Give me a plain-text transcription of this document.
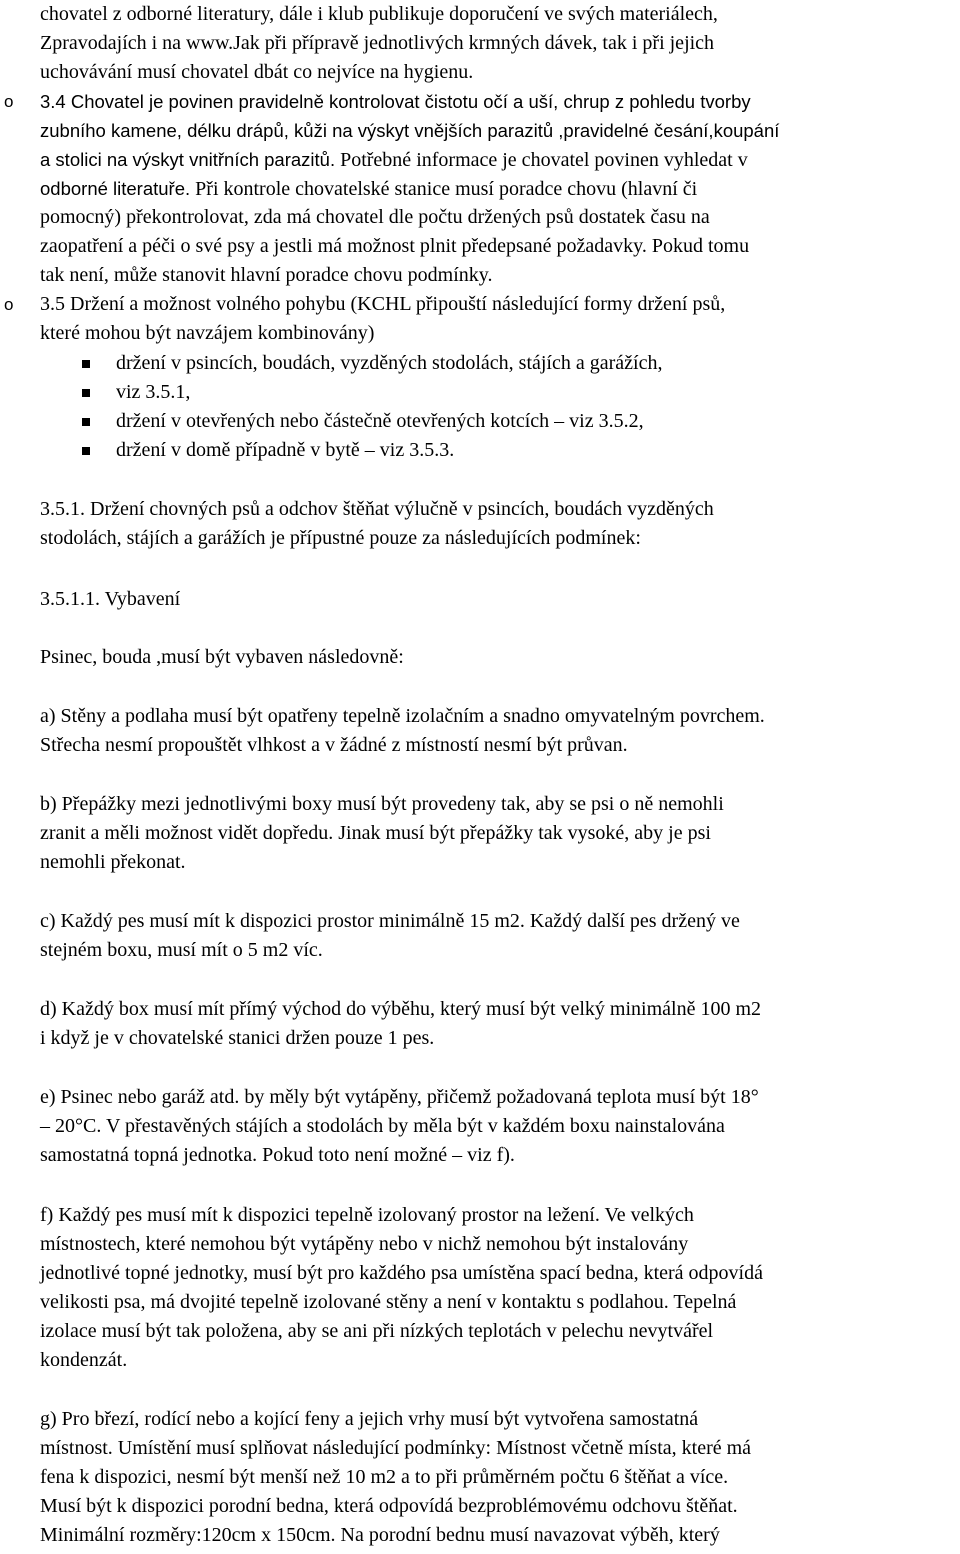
chovatel z odborné literatury, dále i klub publikuje doporučení ve svých materiálech,
Zpravodajích i na www.Jak při přípravě jednotlivých krmných dávek, tak i při jejich
uchovávání musí chovatel dbát co nejvíce na hygienu.
o 3.4 Chovatel je povinen pravidelně kontrolovat čistotu očí a uší, chrup z pohledu tvorby
zubního kamene, délku drápů, kůži na výskyt vnějších parazitů ,pravidelné česání,koupání
a stolici na výskyt vnitřních parazitů. Potřebné informace je chovatel povinen vyhledat v
odborné literatuře. Při kontrole chovatelské stanice musí poradce chovu (hlavní či
pomocný) překontrolovat, zda má chovatel dle počtu držených psů dostatek času na
zaopatření a péči o své psy a jestli má možnost plnit předepsané požadavky. Pokud tomu
tak není, může stanovit hlavní poradce chovu podmínky.
o 3.5 Držení a možnost volného pohybu (KCHL připouští následující formy držení psů,
které mohou být navzájem kombinovány)
držení v psincích, boudách, vyzděných stodolách, stájích a garážích,
viz 3.5.1,
držení v otevřených nebo částečně otevřených kotcích – viz 3.5.2,
držení v domě případně v bytě – viz 3.5.3.
3.5.1. Držení chovných psů a odchov štěňat výlučně v psincích, boudách vyzděných
stodolách, stájích a garážích je přípustné pouze za následujících podmínek:
3.5.1.1. Vybavení
Psinec, bouda ,musí být vybaven následovně:
a) Stěny a podlaha musí být opatřeny tepelně izolačním a snadno omyvatelným povrchem.
Střecha nesmí propouštět vlhkost a v žádné z místností nesmí být průvan.
b) Přepážky mezi jednotlivými boxy musí být provedeny tak, aby se psi o ně nemohli
zranit a měli možnost vidět dopředu. Jinak musí být přepážky tak vysoké, aby je psi
nemohli překonat.
c) Každý pes musí mít k dispozici prostor minimálně 15 m2. Každý další pes držený ve
stejném boxu, musí mít o 5 m2 víc.
d) Každý box musí mít přímý východ do výběhu, který musí být velký minimálně 100 m2
i když je v chovatelské stanici držen pouze 1 pes.
e) Psinec nebo garáž atd. by měly být vytápěny, přičemž požadovaná teplota musí být 18°
– 20°C. V přestavěných stájích a stodolách by měla být v každém boxu nainstalována
samostatná topná jednotka. Pokud toto není možné – viz f).
f) Každý pes musí mít k dispozici tepelně izolovaný prostor na ležení. Ve velkých
místnostech, které nemohou být vytápěny nebo v nichž nemohou být instalovány
jednotlivé topné jednotky, musí být pro každého psa umístěna spací bedna, která odpovídá
velikosti psa, má dvojité tepelně izolované stěny a není v kontaktu s podlahou. Tepelná
izolace musí být tak položena, aby se ani při nízkých teplotách v pelechu nevytvářel
kondenzát.
g) Pro březí, rodící nebo a kojící feny a jejich vrhy musí být vytvořena samostatná
místnost. Umístění musí splňovat následující podmínky: Místnost včetně místa, které má
fena k dispozici, nesmí být menší než 10 m2 a to při průměrném počtu 6 štěňat a více.
Musí být k dispozici porodní bedna, která odpovídá bezproblémovému odchovu štěňat.
Minimální rozměry:120cm x 150cm. Na porodní bednu musí navazovat výběh, který
